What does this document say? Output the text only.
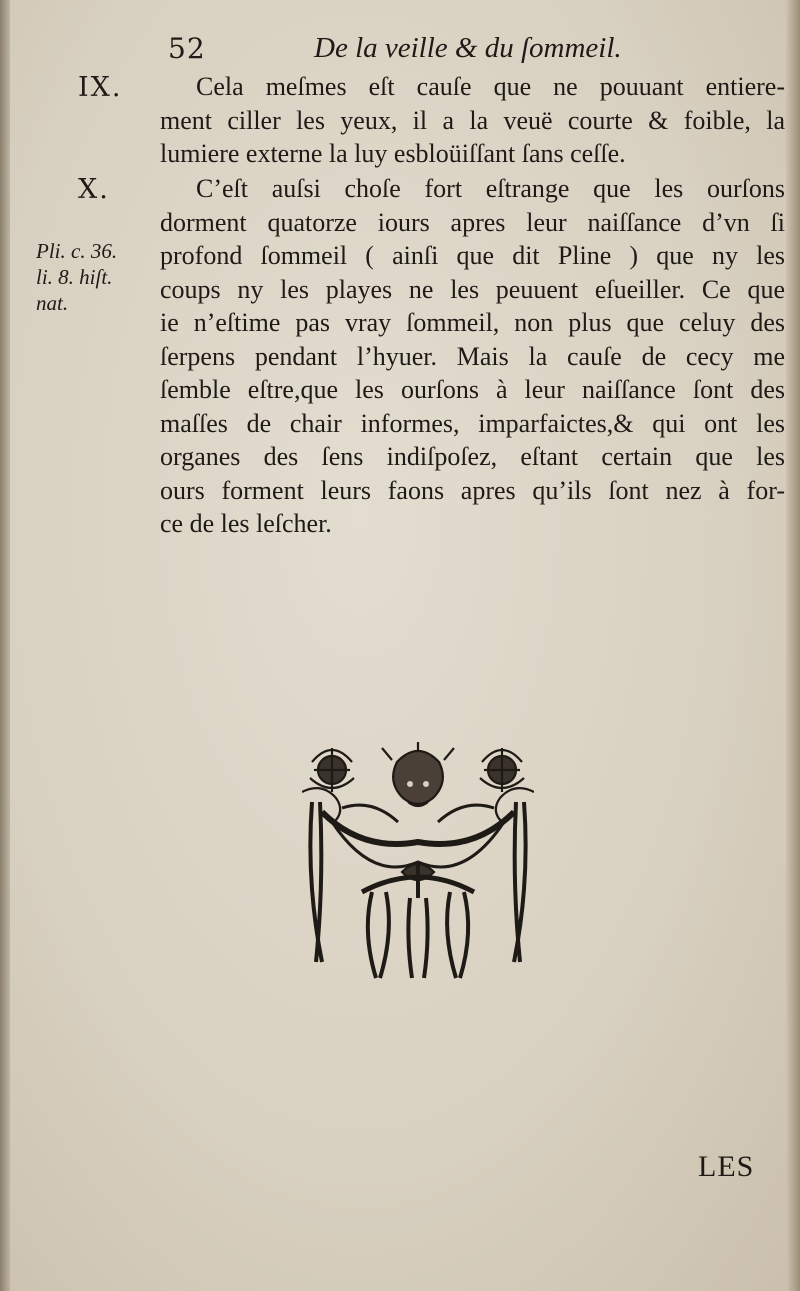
52	De la veille & du ſommeil.
IX.	Cela meſmes eſt cauſe que ne pouuant entiere-
ment ciller les yeux, il a la veuë courte & foible, la
lumiere externe la luy esbloüiſſant ſans ceſſe.
X.	C’eſt auſsi choſe fort eſtrange que les ourſons
dorment quatorze iours apres leur naiſſance d’vn ſi
profond ſommeil ( ainſi que dit Pline ) que ny les
coups ny les playes ne les peuuent eſueiller. Ce que
ie n’eſtime pas vray ſommeil, non plus que celuy des
ſerpens pendant l’hyuer. Mais la cauſe de cecy me
ſemble eſtre,que les ourſons à leur naiſſance ſont des
maſſes de chair informes, imparfaictes,& qui ont les
organes des ſens indiſpoſez, eſtant certain que les
ours forment leurs faons apres qu’ils ſont nez à for-
ce de les leſcher.
Pli. c. 36.
li. 8. hiſt.
nat.
LES
